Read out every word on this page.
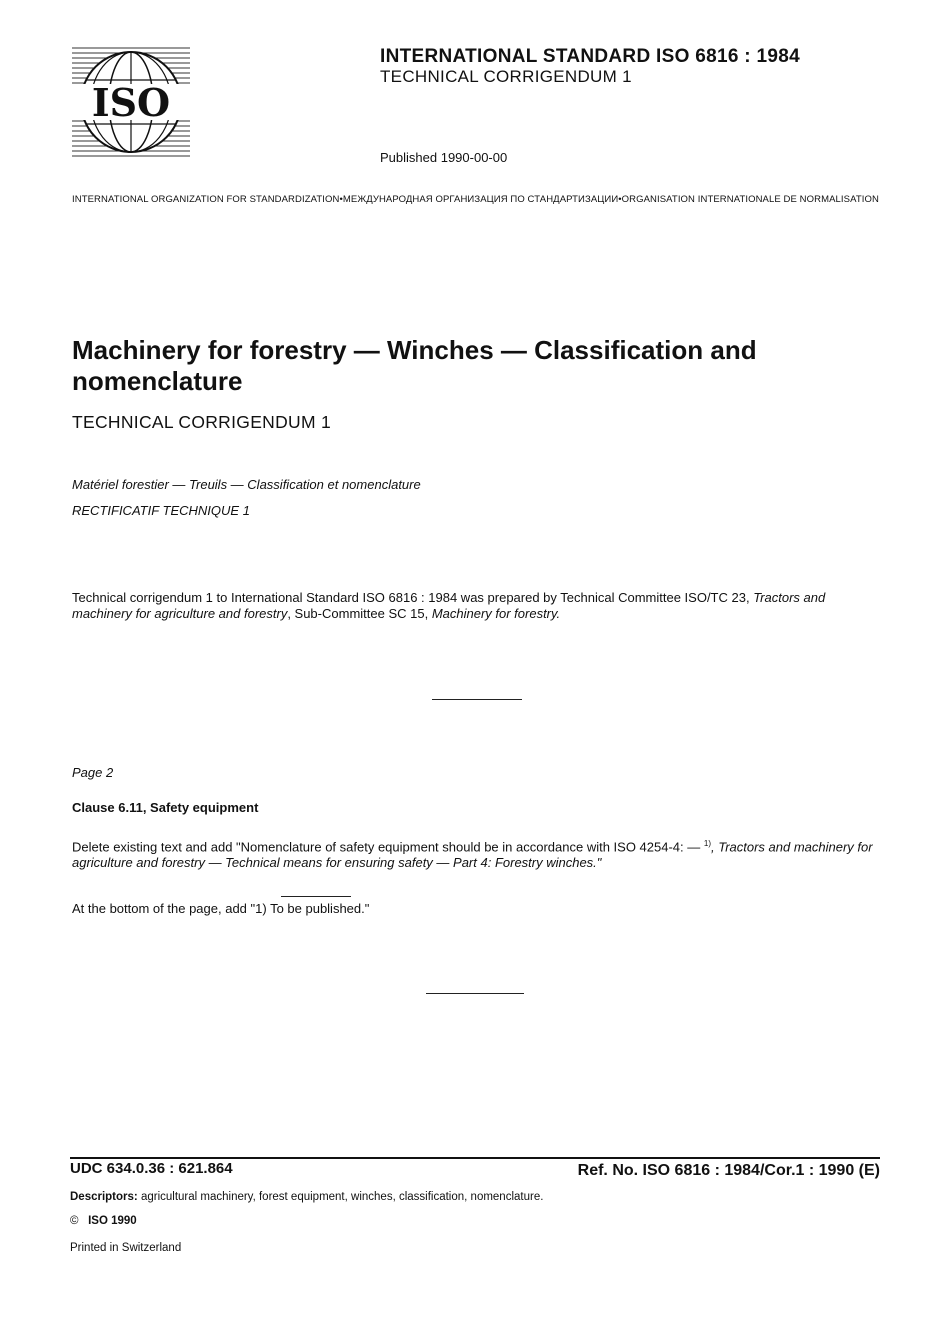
ISO
INTERNATIONAL STANDARD ISO 6816 : 1984
TECHNICAL CORRIGENDUM 1
Published 1990-00-00
INTERNATIONAL ORGANIZATION FOR STANDARDIZATION•МЕЖДУНАРОДНАЯ ОРГАНИЗАЦИЯ ПО СТАНДАРТИЗАЦИИ•ORGANISATION INTERNATIONALE DE NORMALISATION
Machinery for forestry — Winches — Classification and nomenclature
TECHNICAL CORRIGENDUM 1
Matériel forestier — Treuils — Classification et nomenclature
RECTIFICATIF TECHNIQUE 1
Technical corrigendum 1 to International Standard ISO 6816 : 1984 was prepared by Technical Committee ISO/TC 23, Tractors and machinery for agriculture and forestry, Sub-Committee SC 15, Machinery for forestry.
Page 2
Clause 6.11, Safety equipment
Delete existing text and add "Nomenclature of safety equipment should be in accordance with ISO 4254-4: — $^{1)}$, Tractors and machinery for agriculture and forestry — Technical means for ensuring safety — Part 4: Forestry winches."
At the bottom of the page, add "1) To be published."
UDC 634.0.36 : 621.864	Ref. No. ISO 6816 : 1984/Cor.1 : 1990 (E)
Descriptors: agricultural machinery, forest equipment, winches, classification, nomenclature.
© ISO 1990
Printed in Switzerland
